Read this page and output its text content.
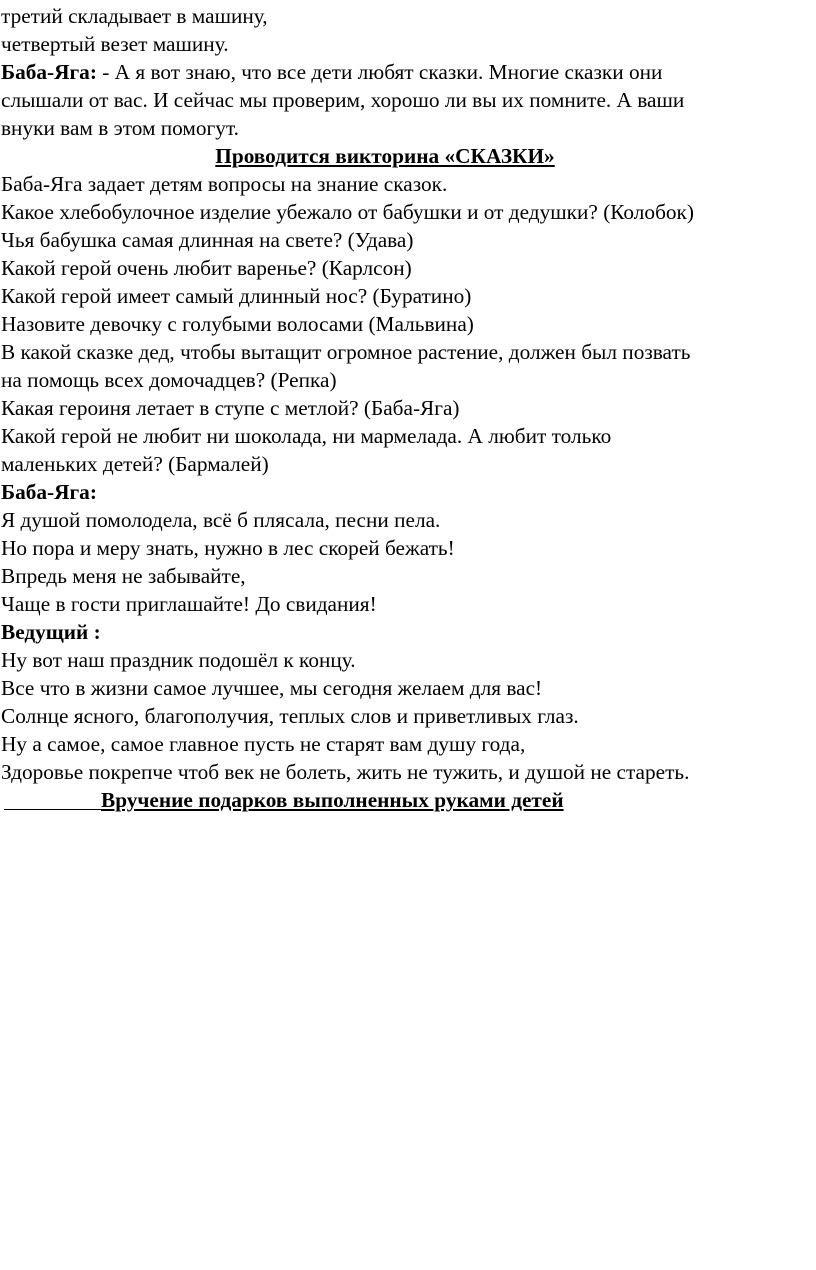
третий складывает в машину,
четвертый везет машину.
Баба-Яга: - А я вот знаю, что все дети любят сказки. Многие сказки они
слышали от вас. И сейчас мы проверим, хорошо ли вы их помните. А ваши
внуки вам в этом помогут.
Проводится викторина «СКАЗКИ»
Баба-Яга задает детям вопросы на знание сказок.
Какое хлебобулочное изделие убежало от бабушки и от дедушки? (Колобок)
Чья бабушка самая длинная на свете? (Удава)
Какой герой очень любит варенье? (Карлсон)
Какой герой имеет самый длинный нос? (Буратино)
Назовите девочку с голубыми волосами (Мальвина)
В какой сказке дед, чтобы вытащит огромное растение, должен был позвать
на помощь всех домочадцев? (Репка)
Какая героиня летает в ступе с метлой? (Баба-Яга)
Какой герой не любит ни шоколада, ни мармелада. А любит только
маленьких детей? (Бармалей)
Баба-Яга:
Я душой помолодела, всё б плясала, песни пела.
Но пора и меру знать, нужно в лес скорей бежать!
Впредь меня не забывайте,
Чаще в гости приглашайте! До свидания!
Ведущий :
Ну вот наш праздник подошёл к концу.
Все что в жизни самое лучшее, мы сегодня желаем для вас!
Солнце ясного, благополучия, теплых слов и приветливых глаз.
Ну а самое, самое главное пусть не старят вам душу года,
Здоровье покрепче чтоб век не болеть, жить не тужить, и душой не стареть.
Вручение подарков выполненных руками детей
